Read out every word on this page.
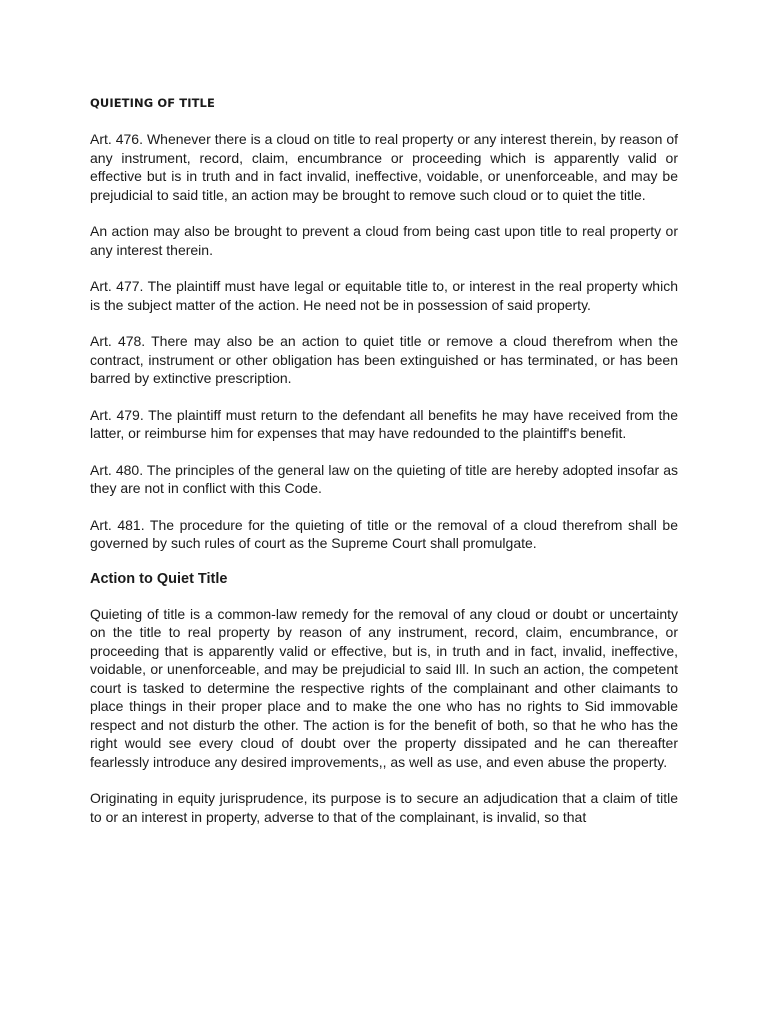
QUIETING OF TITLE

Art. 476. Whenever there is a cloud on title to real property or any interest therein, by reason of any instrument, record, claim, encumbrance or proceeding which is apparently valid or effective but is in truth and in fact invalid, ineffective, voidable, or unenforceable, and may be prejudicial to said title, an action may be brought to remove such cloud or to quiet the title.

An action may also be brought to prevent a cloud from being cast upon title to real property or any interest therein.

Art. 477. The plaintiff must have legal or equitable title to, or interest in the real property which is the subject matter of the action. He need not be in possession of said property.

Art. 478. There may also be an action to quiet title or remove a cloud therefrom when the contract, instrument or other obligation has been extinguished or has terminated, or has been barred by extinctive prescription.

Art. 479. The plaintiff must return to the defendant all benefits he may have received from the latter, or reimburse him for expenses that may have redounded to the plaintiff's benefit.

Art. 480. The principles of the general law on the quieting of title are hereby adopted insofar as they are not in conflict with this Code.

Art. 481. The procedure for the quieting of title or the removal of a cloud therefrom shall be governed by such rules of court as the Supreme Court shall promulgate.

Action to Quiet Title

Quieting of title is a common-law remedy for the removal of any cloud or doubt or uncertainty on the title to real property by reason of any instrument, record, claim, encumbrance, or proceeding that is apparently valid or effective, but is, in truth and in fact, invalid, ineffective, voidable, or unenforceable, and may be prejudicial to said Ill. In such an action, the competent court is tasked to determine the respective rights of the complainant and other claimants to place things in their proper place and to make the one who has no rights to Sid immovable respect and not disturb the other. The action is for the benefit of both, so that he who has the right would see every cloud of doubt over the property dissipated and he can thereafter fearlessly introduce any desired improvements,, as well as use, and even abuse the property.

Originating in equity jurisprudence, its purpose is to secure an adjudication that a claim of title to or an interest in property, adverse to that of the complainant, is invalid, so that
